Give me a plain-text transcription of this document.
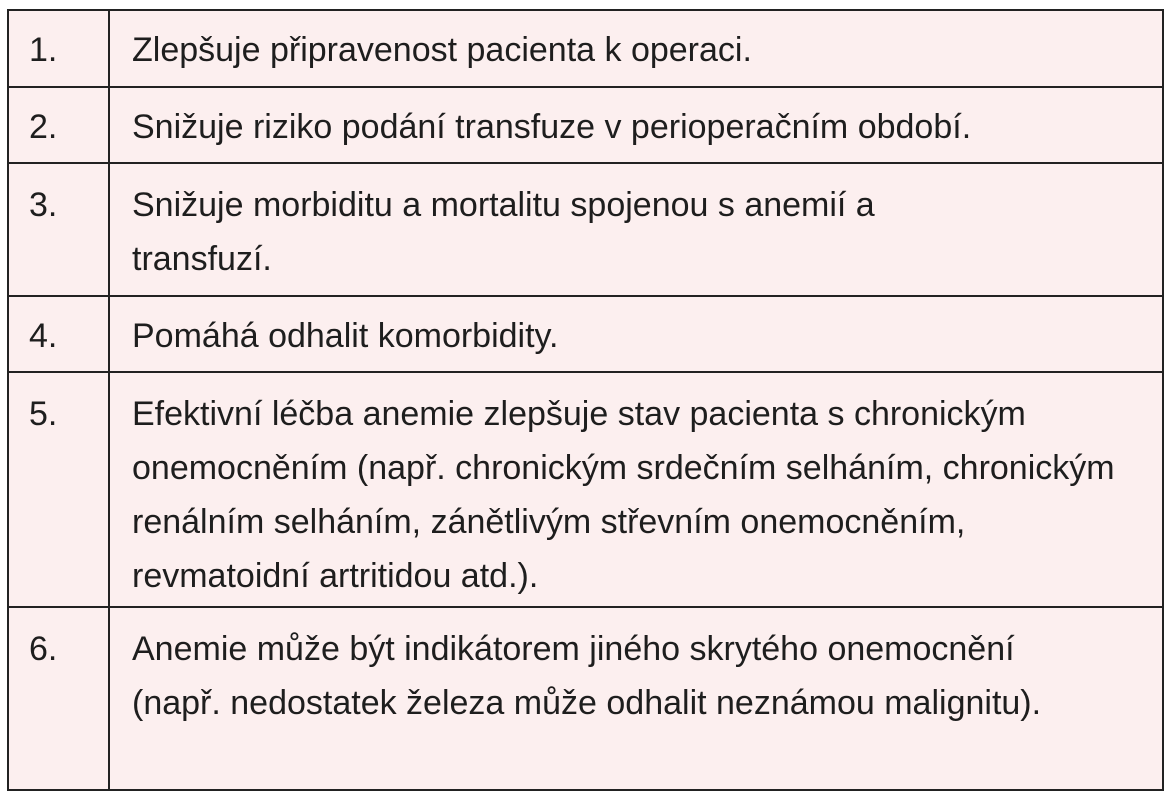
1.	Zlepšuje připravenost pacienta k operaci.
2.	Snižuje riziko podání transfuze v perioperačním období.
3.	Snižuje morbiditu a mortalitu spojenou s anemií a transfuzí.
4.	Pomáhá odhalit komorbidity.
5.	Efektivní léčba anemie zlepšuje stav pacienta s chronickým onemocněním (např. chronickým srdečním selháním, chronickým renálním selháním, zánětlivým střevním onemocněním, revmatoidní artritidou atd.).
6.	Anemie může být indikátorem jiného skrytého onemocnění (např. nedostatek železa může odhalit neznámou malignitu).
